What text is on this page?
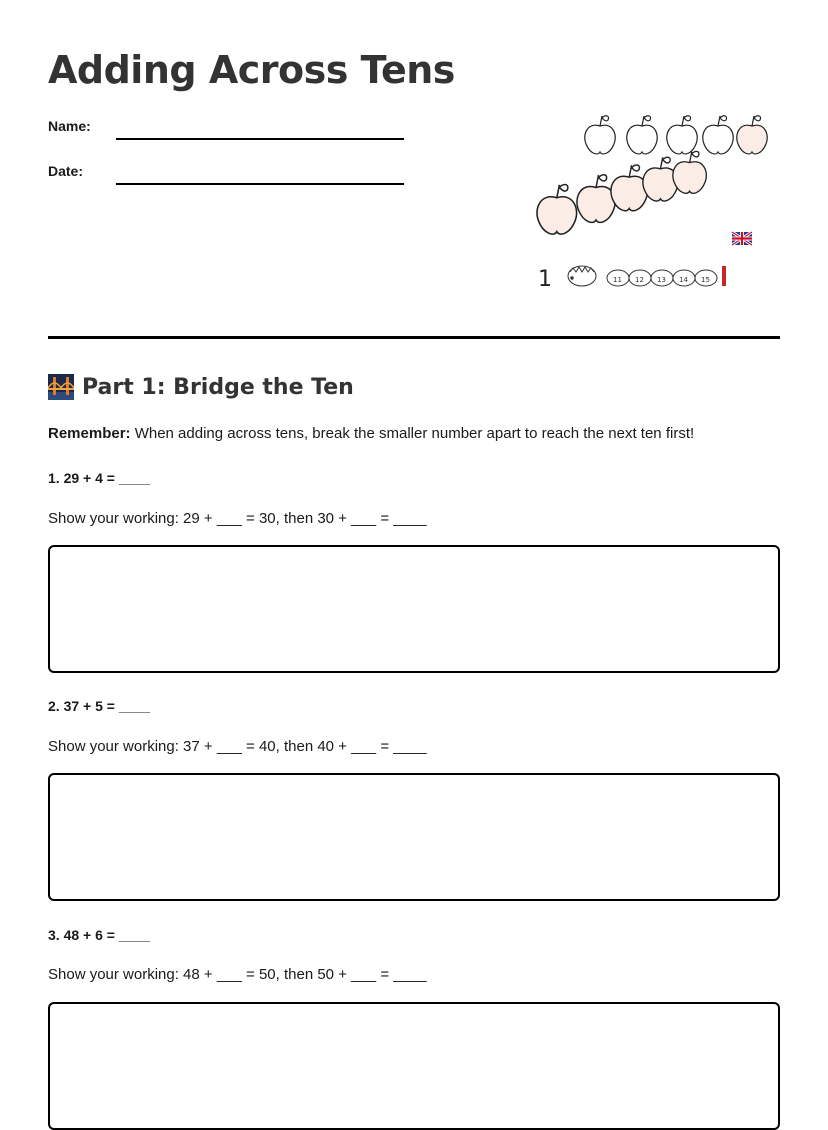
Adding Across Tens
Name:
Date:
1	11 12 13 14 15
Part 1: Bridge the Ten
Remember: When adding across tens, break the smaller number apart to reach the next ten first!
1. 29 + 4 = ____
Show your working: 29 + ___ = 30, then 30 + ___ = ____
2. 37 + 5 = ____
Show your working: 37 + ___ = 40, then 40 + ___ = ____
3. 48 + 6 = ____
Show your working: 48 + ___ = 50, then 50 + ___ = ____
